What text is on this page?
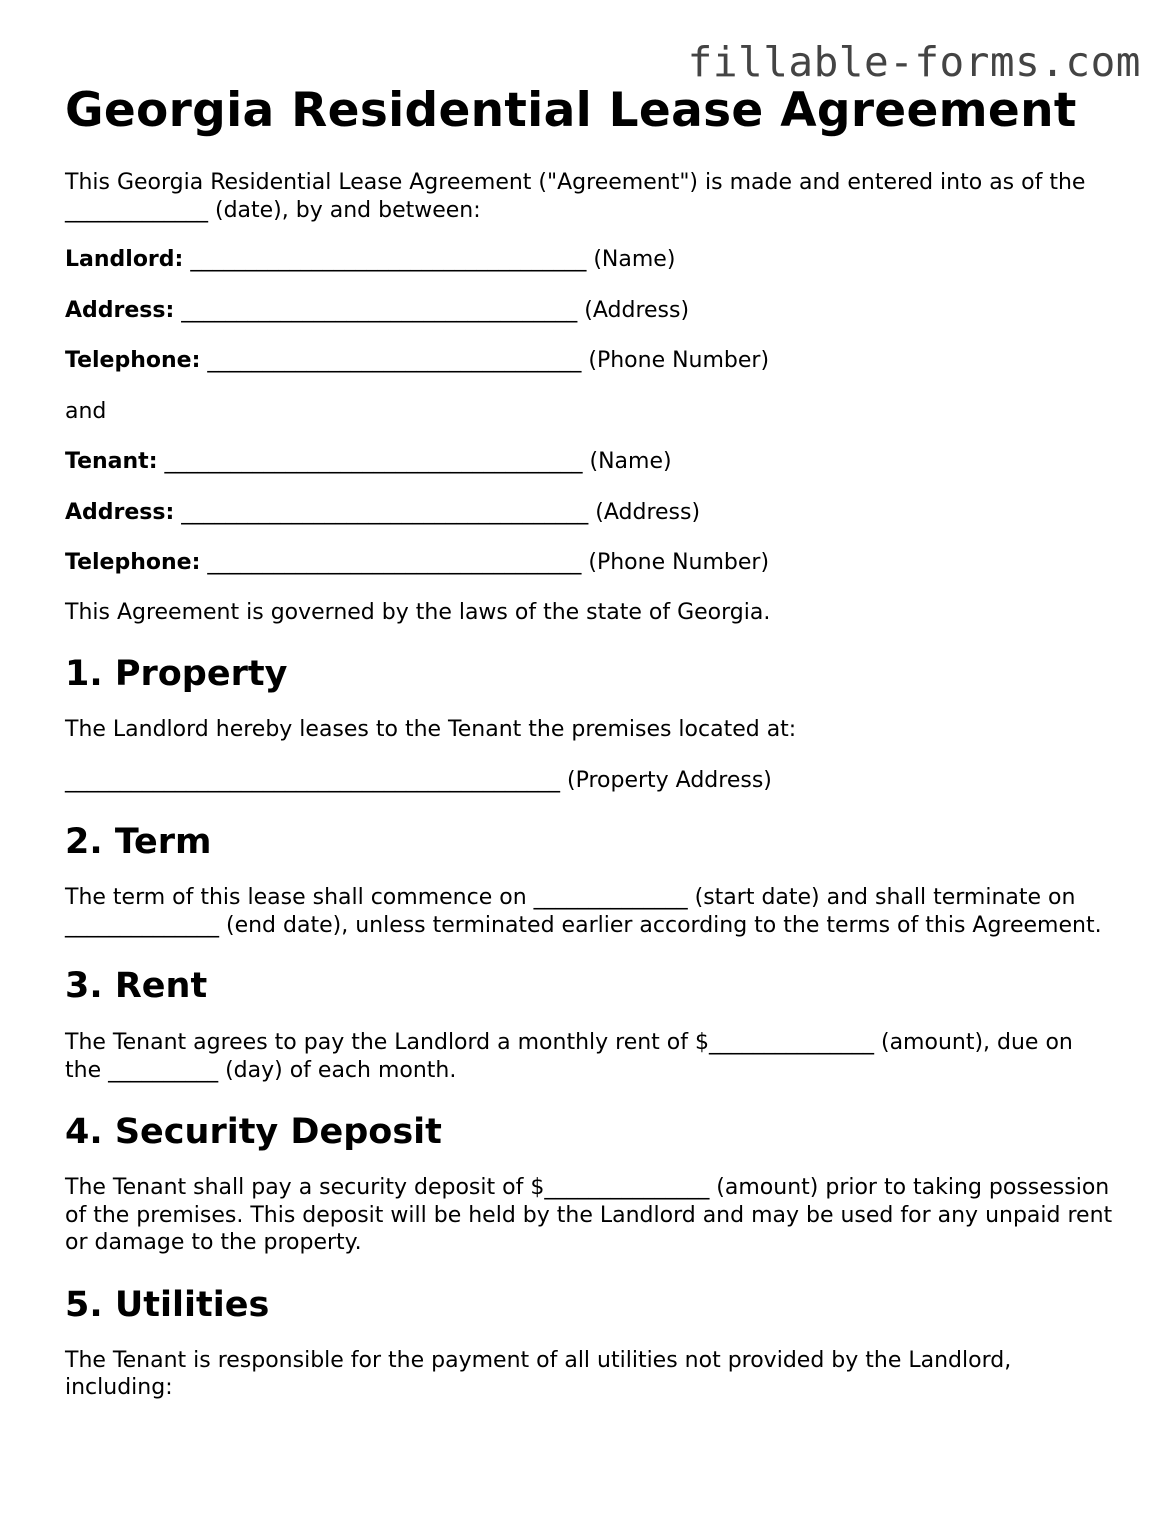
fillable-forms.com
Georgia Residential Lease Agreement

This Georgia Residential Lease Agreement ("Agreement") is made and entered into as of the _____________ (date), by and between:

Landlord: ____________________________________ (Name)
Address: ____________________________________ (Address)
Telephone: __________________________________ (Phone Number)
and
Tenant: ______________________________________ (Name)
Address: _____________________________________ (Address)
Telephone: __________________________________ (Phone Number)

This Agreement is governed by the laws of the state of Georgia.

1. Property

The Landlord hereby leases to the Tenant the premises located at:

_____________________________________________ (Property Address)

2. Term

The term of this lease shall commence on ______________ (start date) and shall terminate on ______________ (end date), unless terminated earlier according to the terms of this Agreement.

3. Rent

The Tenant agrees to pay the Landlord a monthly rent of $_______________ (amount), due on the __________ (day) of each month.

4. Security Deposit

The Tenant shall pay a security deposit of $_______________ (amount) prior to taking possession of the premises. This deposit will be held by the Landlord and may be used for any unpaid rent or damage to the property.

5. Utilities

The Tenant is responsible for the payment of all utilities not provided by the Landlord, including:
